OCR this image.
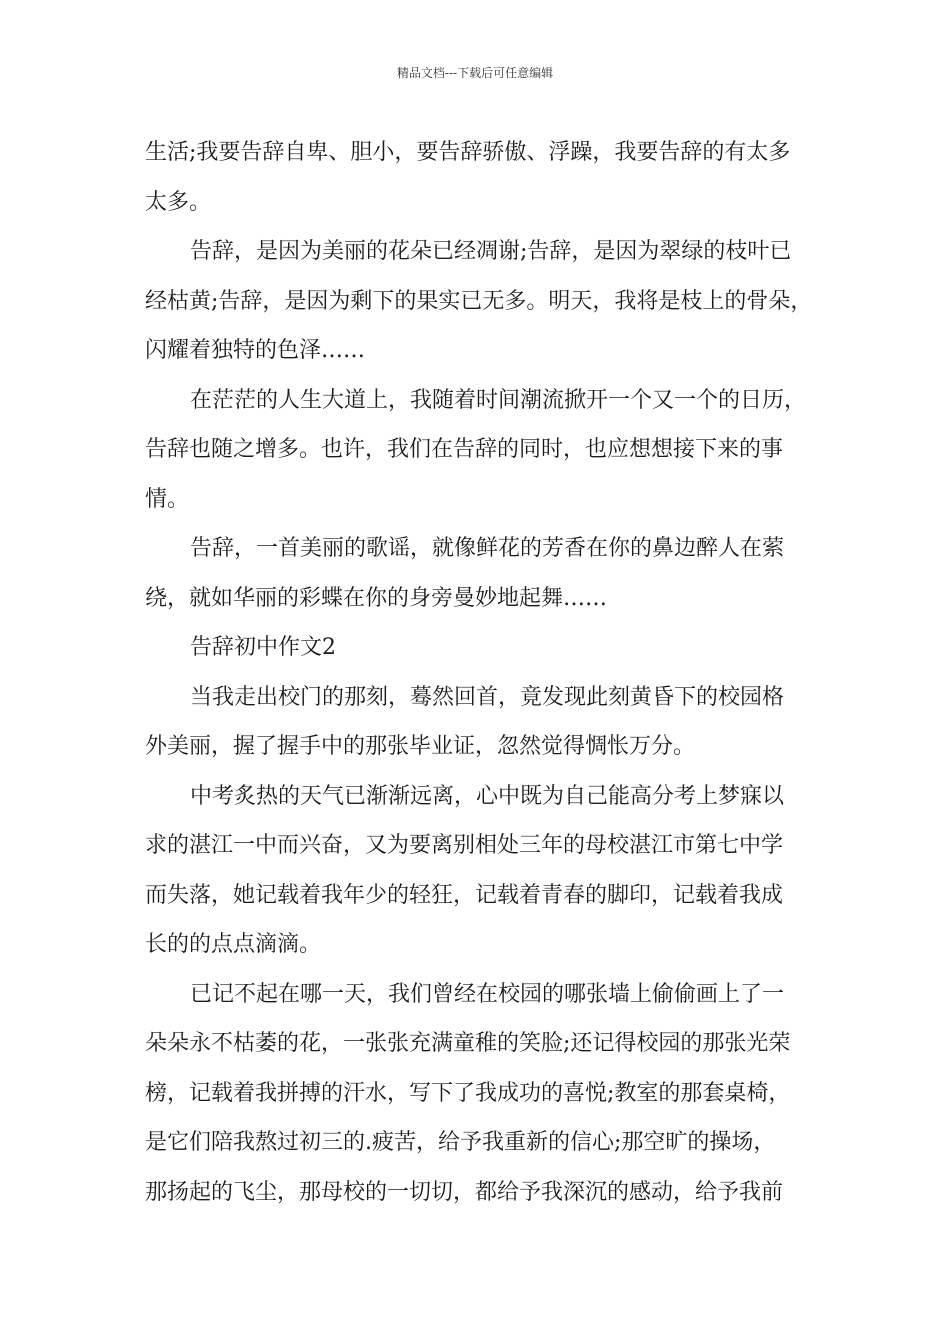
精品文档---下载后可任意编辑
生活;我要告辞自卑、胆小，要告辞骄傲、浮躁，我要告辞的有太多
太多。
告辞，是因为美丽的花朵已经凋谢;告辞，是因为翠绿的枝叶已
经枯黄;告辞，是因为剩下的果实已无多。明天，我将是枝上的骨朵，
闪耀着独特的色泽……
在茫茫的人生大道上，我随着时间潮流掀开一个又一个的日历，
告辞也随之增多。也许，我们在告辞的同时，也应想想接下来的事
情。
告辞，一首美丽的歌谣，就像鲜花的芳香在你的鼻边醉人在萦
绕，就如华丽的彩蝶在你的身旁曼妙地起舞……
告辞初中作文2
当我走出校门的那刻，蓦然回首，竟发现此刻黄昏下的校园格
外美丽，握了握手中的那张毕业证，忽然觉得惆怅万分。
中考炙热的天气已渐渐远离，心中既为自己能高分考上梦寐以
求的湛江一中而兴奋，又为要离别相处三年的母校湛江市第七中学
而失落，她记载着我年少的轻狂，记载着青春的脚印，记载着我成
长的的点点滴滴。
已记不起在哪一天，我们曾经在校园的哪张墙上偷偷画上了一
朵朵永不枯萎的花，一张张充满童稚的笑脸;还记得校园的那张光荣
榜，记载着我拼搏的汗水，写下了我成功的喜悦;教室的那套桌椅，
是它们陪我熬过初三的.疲苦，给予我重新的信心;那空旷的操场，
那扬起的飞尘，那母校的一切切，都给予我深沉的感动，给予我前
